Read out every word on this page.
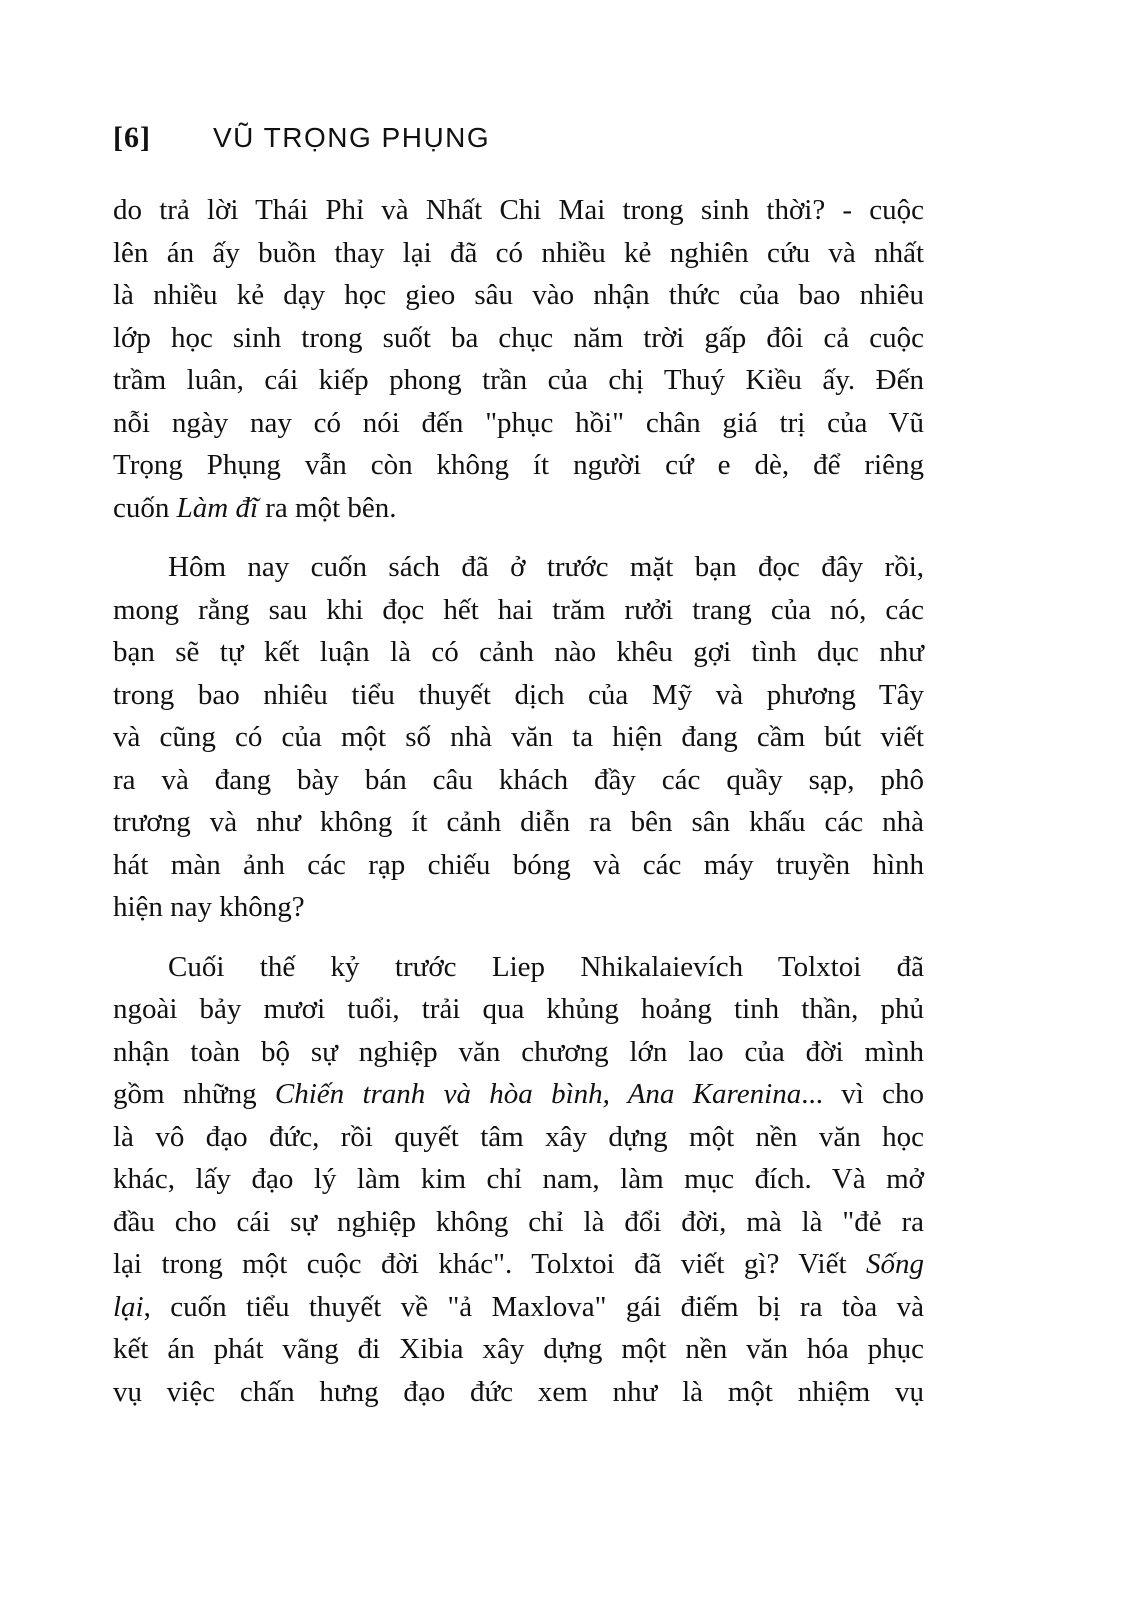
[6] VŨ TRỌNG PHỤNG
do trả lời Thái Phỉ và Nhất Chi Mai trong sinh thời? - cuộc
lên án ấy buồn thay lại đã có nhiều kẻ nghiên cứu và nhất
là nhiều kẻ dạy học gieo sâu vào nhận thức của bao nhiêu
lớp học sinh trong suốt ba chục năm trời gấp đôi cả cuộc
trầm luân, cái kiếp phong trần của chị Thuý Kiều ấy. Đến
nỗi ngày nay có nói đến "phục hồi" chân giá trị của Vũ
Trọng Phụng vẫn còn không ít người cứ e dè, để riêng
cuốn Làm đĩ ra một bên.
Hôm nay cuốn sách đã ở trước mặt bạn đọc đây rồi,
mong rằng sau khi đọc hết hai trăm rưởi trang của nó, các
bạn sẽ tự kết luận là có cảnh nào khêu gợi tình dục như
trong bao nhiêu tiểu thuyết dịch của Mỹ và phương Tây
và cũng có của một số nhà văn ta hiện đang cầm bút viết
ra và đang bày bán câu khách đầy các quầy sạp, phô
trương và như không ít cảnh diễn ra bên sân khấu các nhà
hát màn ảnh các rạp chiếu bóng và các máy truyền hình
hiện nay không?
Cuối thế kỷ trước Liep Nhikalaievích Tolxtoi đã
ngoài bảy mươi tuổi, trải qua khủng hoảng tinh thần, phủ
nhận toàn bộ sự nghiệp văn chương lớn lao của đời mình
gồm những Chiến tranh và hòa bình, Ana Karenina... vì cho
là vô đạo đức, rồi quyết tâm xây dựng một nền văn học
khác, lấy đạo lý làm kim chỉ nam, làm mục đích. Và mở
đầu cho cái sự nghiệp không chỉ là đổi đời, mà là "đẻ ra
lại trong một cuộc đời khác". Tolxtoi đã viết gì? Viết Sống
lại, cuốn tiểu thuyết về "ả Maxlova" gái điếm bị ra tòa và
kết án phát vãng đi Xibia xây dựng một nền văn hóa phục
vụ việc chấn hưng đạo đức xem như là một nhiệm vụ
